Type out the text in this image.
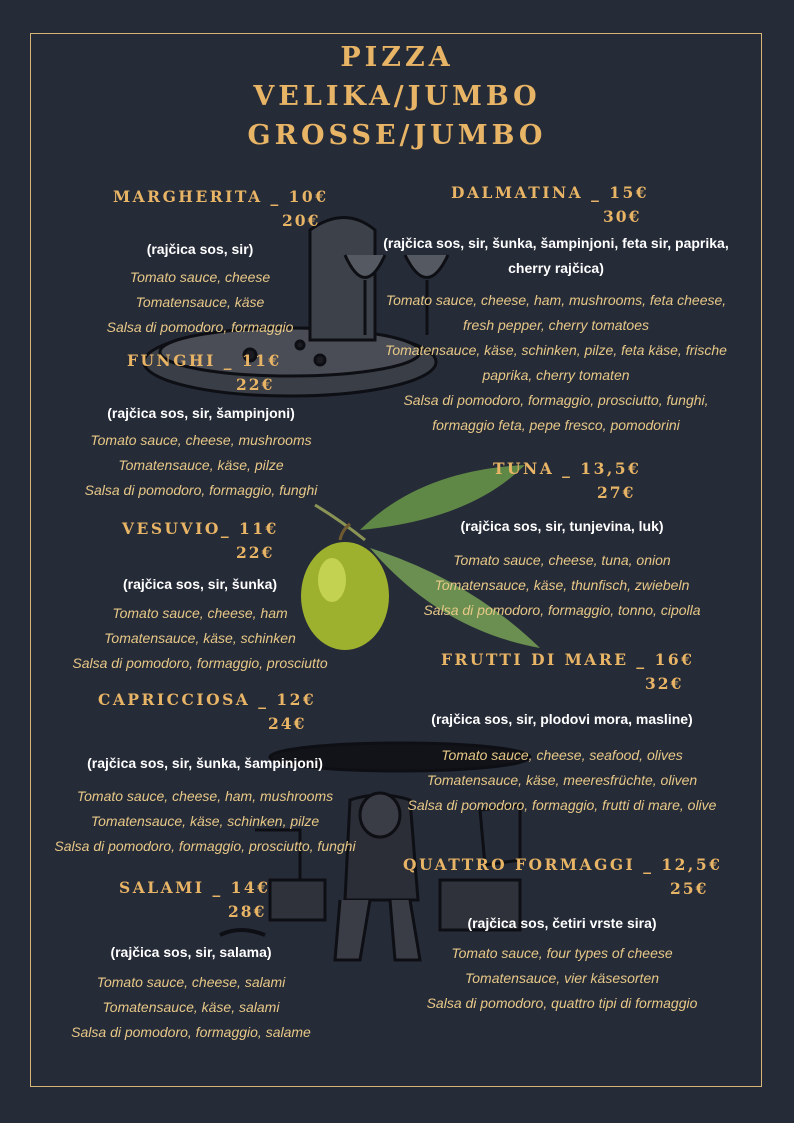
PIZZA
VELIKA/JUMBO
GROSSE/JUMBO
MARGHERITA _ 10€
20€
(rajčica sos, sir)
Tomato sauce, cheese
Tomatensauce, käse
Salsa di pomodoro, formaggio
FUNGHI _ 11€
22€
(rajčica sos, sir, šampinjoni)
Tomato sauce, cheese, mushrooms
Tomatensauce, käse, pilze
Salsa di pomodoro, formaggio, funghi
VESUVIO_ 11€
22€
(rajčica sos, sir, šunka)
Tomato sauce, cheese, ham
Tomatensauce, käse, schinken
Salsa di pomodoro, formaggio, prosciutto
CAPRICCIOSA _ 12€
24€
(rajčica sos, sir, šunka, šampinjoni)
Tomato sauce, cheese, ham, mushrooms
Tomatensauce, käse, schinken, pilze
Salsa di pomodoro, formaggio, prosciutto, funghi
SALAMI _ 14€
28€
(rajčica sos, sir, salama)
Tomato sauce, cheese, salami
Tomatensauce, käse, salami
Salsa di pomodoro, formaggio, salame
DALMATINA _ 15€
30€
(rajčica sos, sir, šunka, šampinjoni, feta sir, paprika,
cherry rajčica)
Tomato sauce, cheese, ham, mushrooms, feta cheese,
fresh pepper, cherry tomatoes
Tomatensauce, käse, schinken, pilze, feta käse, frische
paprika, cherry tomaten
Salsa di pomodoro, formaggio, prosciutto, funghi,
formaggio feta, pepe fresco, pomodorini
TUNA _ 13,5€
27€
(rajčica sos, sir, tunjevina, luk)
Tomato sauce, cheese, tuna, onion
Tomatensauce, käse, thunfisch, zwiebeln
Salsa di pomodoro, formaggio, tonno, cipolla
FRUTTI DI MARE _ 16€
32€
(rajčica sos, sir, plodovi mora, masline)
Tomato sauce, cheese, seafood, olives
Tomatensauce, käse, meeresfrüchte, oliven
Salsa di pomodoro, formaggio, frutti di mare, olive
QUATTRO FORMAGGI _ 12,5€
25€
(rajčica sos, četiri vrste sira)
Tomato sauce, four types of cheese
Tomatensauce, vier käsesorten
Salsa di pomodoro, quattro tipi di formaggio
